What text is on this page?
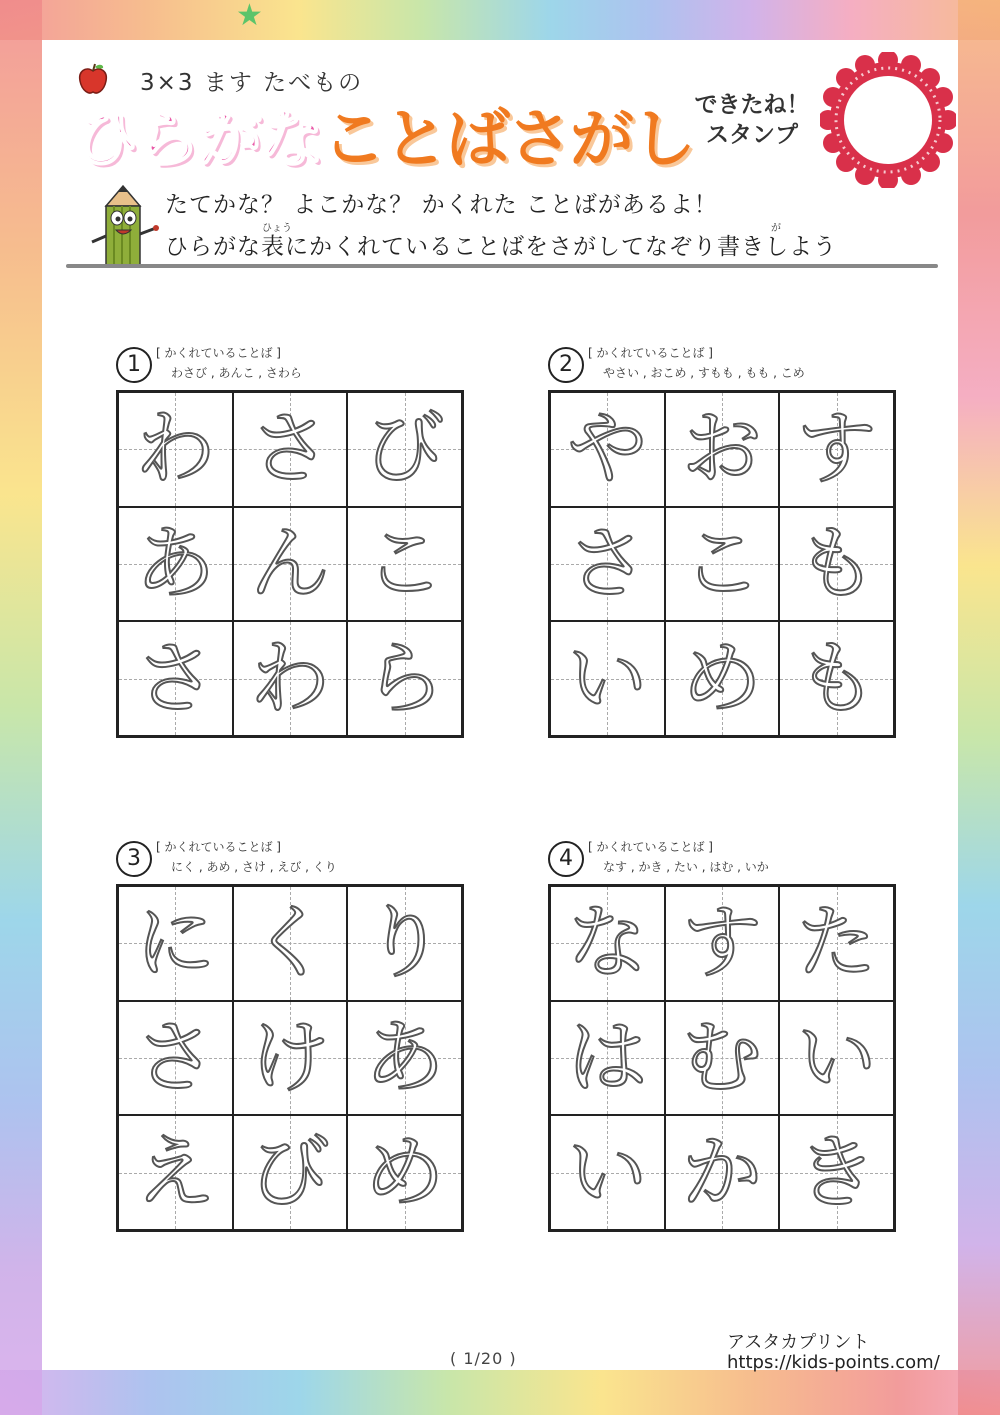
★
3×3 ます たべもの
ひらがなことばさがし できたね！
スタンプ
たてかな？ よこかな？ かくれた ことばがあるよ！
ひょう	が
ひらがな表にかくれていることばをさがしてなぞり書きしよう
1	[ かくれていることば ]
わさび , あんこ , さわら
わ さ び
あ ん こ
さ わ ら
2	[ かくれていることば ]
やさい , おこめ , すもも , もも , こめ
や お す
さ こ も
い め も
3	[ かくれていることば ]
にく , あめ , さけ , えび , くり
に く り
さ け あ
え び め
4	[ かくれていることば ]
なす , かき , たい , はむ , いか
な す た
は む い
い か き
( 1/20 )
アスタカプリント
https://kids-points.com/
